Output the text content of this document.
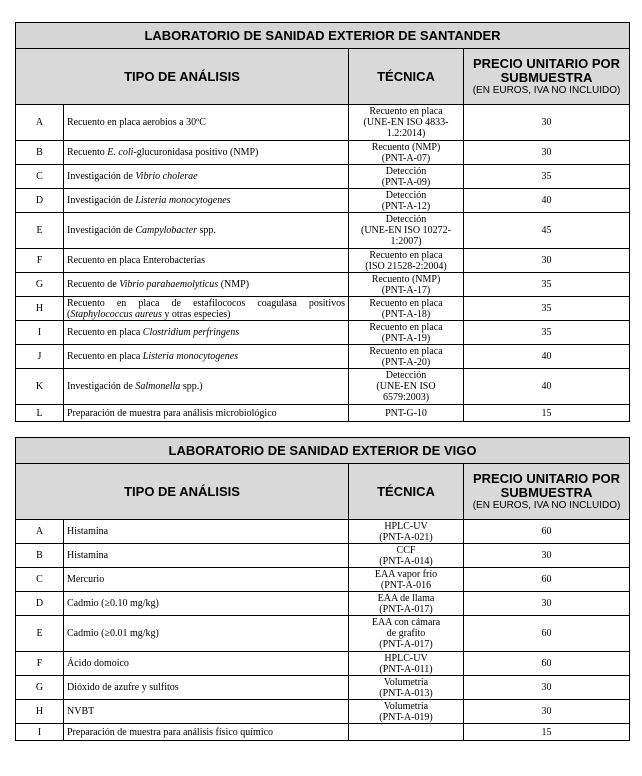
LABORATORIO DE SANIDAD EXTERIOR DE SANTANDER			
TIPO DE ANÁLISIS		TÉCNICA	PRECIO UNITARIO POR SUBMUESTRA
(EN EUROS, IVA NO INCLUIDO)

A	Recuento en placa aerobios a 30ºC	Recuento en placa
(UNE-EN ISO 4833-
1.2:2014)	30
B	Recuento E. coli-glucuronidasa positivo (NMP)	Recuento (NMP)
(PNT-A-07)	30
C	Investigación de Vibrio cholerae	Detección
(PNT-A-09)	35
D	Investigación de Listeria monocytogenes	Detección
(PNT-A-12)	40
E	Investigación de Campylobacter spp.	Detección
(UNE-EN ISO 10272-
1:2007)	45
F	Recuento en placa Enterobacterias	Recuento en placa
(ISO 21528-2:2004)	30
G	Recuento de Vibrio parahaemolyticus (NMP)	Recuento (NMP)
(PNT-A-17)	35
H	Recuento en placa de estafilococos coagulasa positivos (Staphylococcus aureus y otras especies)	Recuento en placa
(PNT-A-18)	35
I	Recuento en placa Clostridium perfringens	Recuento en placa
(PNT-A-19)	35
J	Recuento en placa Listeria monocytogenes	Recuento en placa
(PNT-A-20)	40
K	Investigación de Salmonella spp.)	Detección
(UNE-EN ISO
6579:2003)	40
L	Preparación de muestra para análisis microbiológico	PNT-G-10	15
LABORATORIO DE SANIDAD EXTERIOR DE VIGO			
TIPO DE ANÁLISIS		TÉCNICA	PRECIO UNITARIO POR SUBMUESTRA
(EN EUROS, IVA NO INCLUIDO)

A	Histamina	HPLC-UV
(PNT-A-021)	60
B	Histamina	CCF
(PNT-A-014)	30
C	Mercurio	EAA vapor frío
(PNT-A-016	60
D	Cadmio (≥0.10 mg/kg)	EAA de llama
(PNT-A-017)	30
E	Cadmio (≥0.01 mg/kg)	EAA con cámara
de grafito
(PNT-A-017)	60
F	Ácido domoico	HPLC-UV
(PNT-A-011)	60
G	Dióxido de azufre y sulfitos	Volumetría
(PNT-A-013)	30
H	NVBT	Volumetría
(PNT-A-019)	30
I	Preparación de muestra para análisis físico químico		15
